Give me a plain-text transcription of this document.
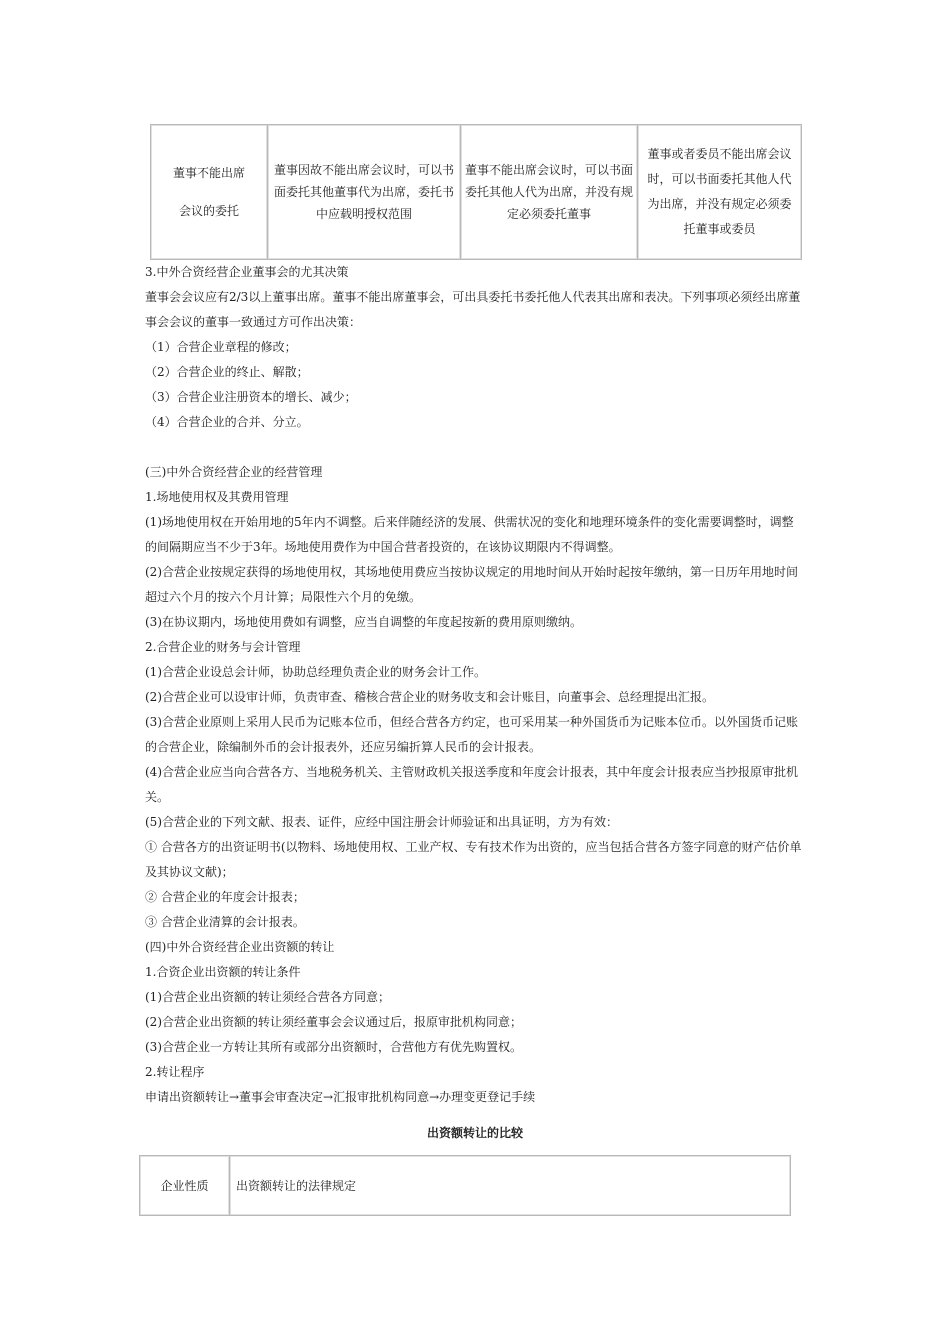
董事不能出席
会议的委托

董事因故不能出席会议时，可以书
面委托其他董事代为出席，委托书
中应载明授权范围

董事不能出席会议时，可以书面
委托其他人代为出席，并没有规
定必须委托董事

董事或者委员不能出席会议
时，可以书面委托其他人代
为出席，并没有规定必须委
托董事或委员
3.中外合资经营企业董事会的尤其决策
董事会会议应有2/3以上董事出席。董事不能出席董事会，可出具委托书委托他人代表其出席和表决。下列事项必须经出席董
事会会议的董事一致通过方可作出决策：
（1）合营企业章程的修改；
（2）合营企业的终止、解散；
（3）合营企业注册资本的增长、减少；
（4）合营企业的合并、分立。
(三)中外合资经营企业的经营管理
1.场地使用权及其费用管理
(1)场地使用权在开始用地的5年内不调整。后来伴随经济的发展、供需状况的变化和地理环境条件的变化需要调整时，调整
的间隔期应当不少于3年。场地使用费作为中国合营者投资的，在该协议期限内不得调整。
(2)合营企业按规定获得的场地使用权，其场地使用费应当按协议规定的用地时间从开始时起按年缴纳，第一日历年用地时间
超过六个月的按六个月计算；局限性六个月的免缴。
(3)在协议期内，场地使用费如有调整，应当自调整的年度起按新的费用原则缴纳。
2.合营企业的财务与会计管理
(1)合营企业设总会计师，协助总经理负责企业的财务会计工作。
(2)合营企业可以设审计师，负责审查、稽核合营企业的财务收支和会计账目，向董事会、总经理提出汇报。
(3)合营企业原则上采用人民币为记账本位币，但经合营各方约定，也可采用某一种外国货币为记账本位币。以外国货币记账
的合营企业，除编制外币的会计报表外，还应另编折算人民币的会计报表。
(4)合营企业应当向合营各方、当地税务机关、主管财政机关报送季度和年度会计报表，其中年度会计报表应当抄报原审批机
关。
(5)合营企业的下列文献、报表、证件，应经中国注册会计师验证和出具证明，方为有效：
① 合营各方的出资证明书(以物料、场地使用权、工业产权、专有技术作为出资的，应当包括合营各方签字同意的财产估价单
及其协议文献)；
② 合营企业的年度会计报表；
③ 合营企业清算的会计报表。
(四)中外合资经营企业出资额的转让
1.合资企业出资额的转让条件
(1)合营企业出资额的转让须经合营各方同意；
(2)合营企业出资额的转让须经董事会会议通过后，报原审批机构同意；
(3)合营企业一方转让其所有或部分出资额时，合营他方有优先购置权。
2.转让程序
申请出资额转让→董事会审查决定→汇报审批机构同意→办理变更登记手续
出资额转让的比较
企业性质	出资额转让的法律规定
